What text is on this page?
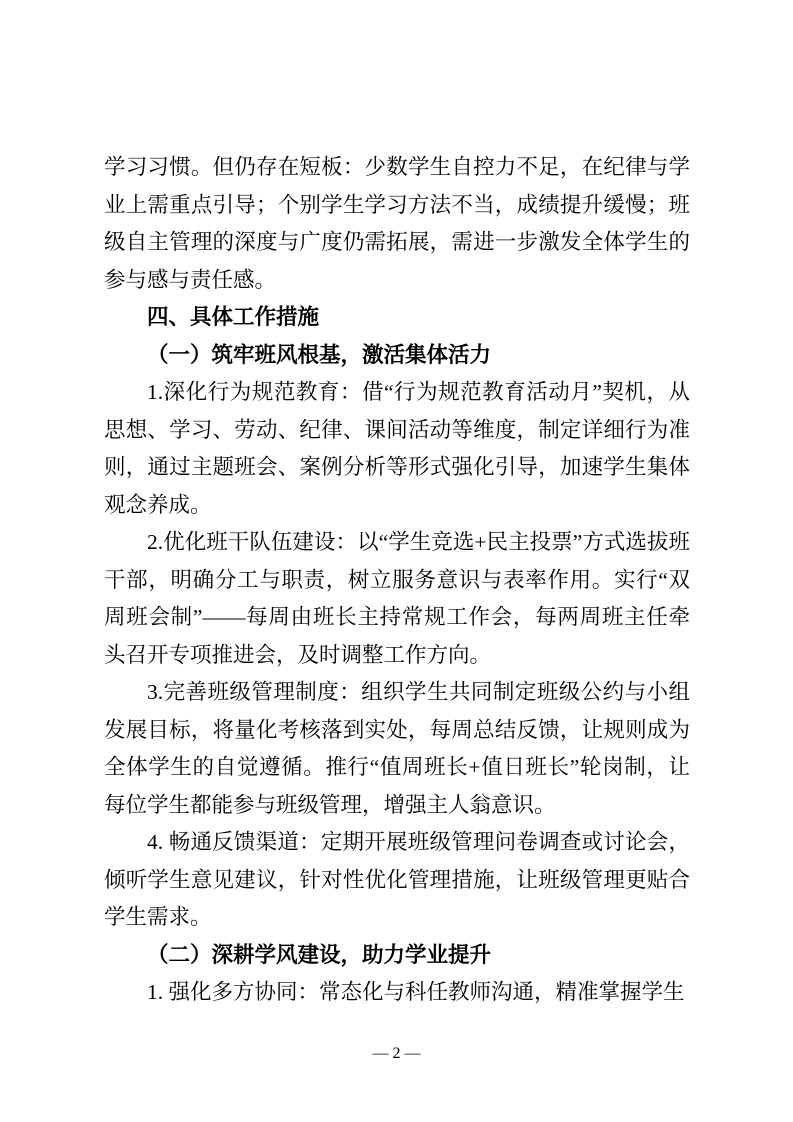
学习习惯。但仍存在短板：少数学生自控力不足，在纪律与学业上需重点引导；个别学生学习方法不当，成绩提升缓慢；班级自主管理的深度与广度仍需拓展，需进一步激发全体学生的参与感与责任感。

四、具体工作措施

（一）筑牢班风根基，激活集体活力

1.深化行为规范教育：借“行为规范教育活动月”契机，从思想、学习、劳动、纪律、课间活动等维度，制定详细行为准则，通过主题班会、案例分析等形式强化引导，加速学生集体观念养成。

2.优化班干队伍建设：以“学生竞选+民主投票”方式选拔班干部，明确分工与职责，树立服务意识与表率作用。实行“双周班会制”——每周由班长主持常规工作会，每两周班主任牵头召开专项推进会，及时调整工作方向。

3.完善班级管理制度：组织学生共同制定班级公约与小组发展目标，将量化考核落到实处，每周总结反馈，让规则成为全体学生的自觉遵循。推行“值周班长+值日班长”轮岗制，让每位学生都能参与班级管理，增强主人翁意识。

4. 畅通反馈渠道：定期开展班级管理问卷调查或讨论会，倾听学生意见建议，针对性优化管理措施，让班级管理更贴合学生需求。

（二）深耕学风建设，助力学业提升

1. 强化多方协同：常态化与科任教师沟通，精准掌握学生

— 2 —
